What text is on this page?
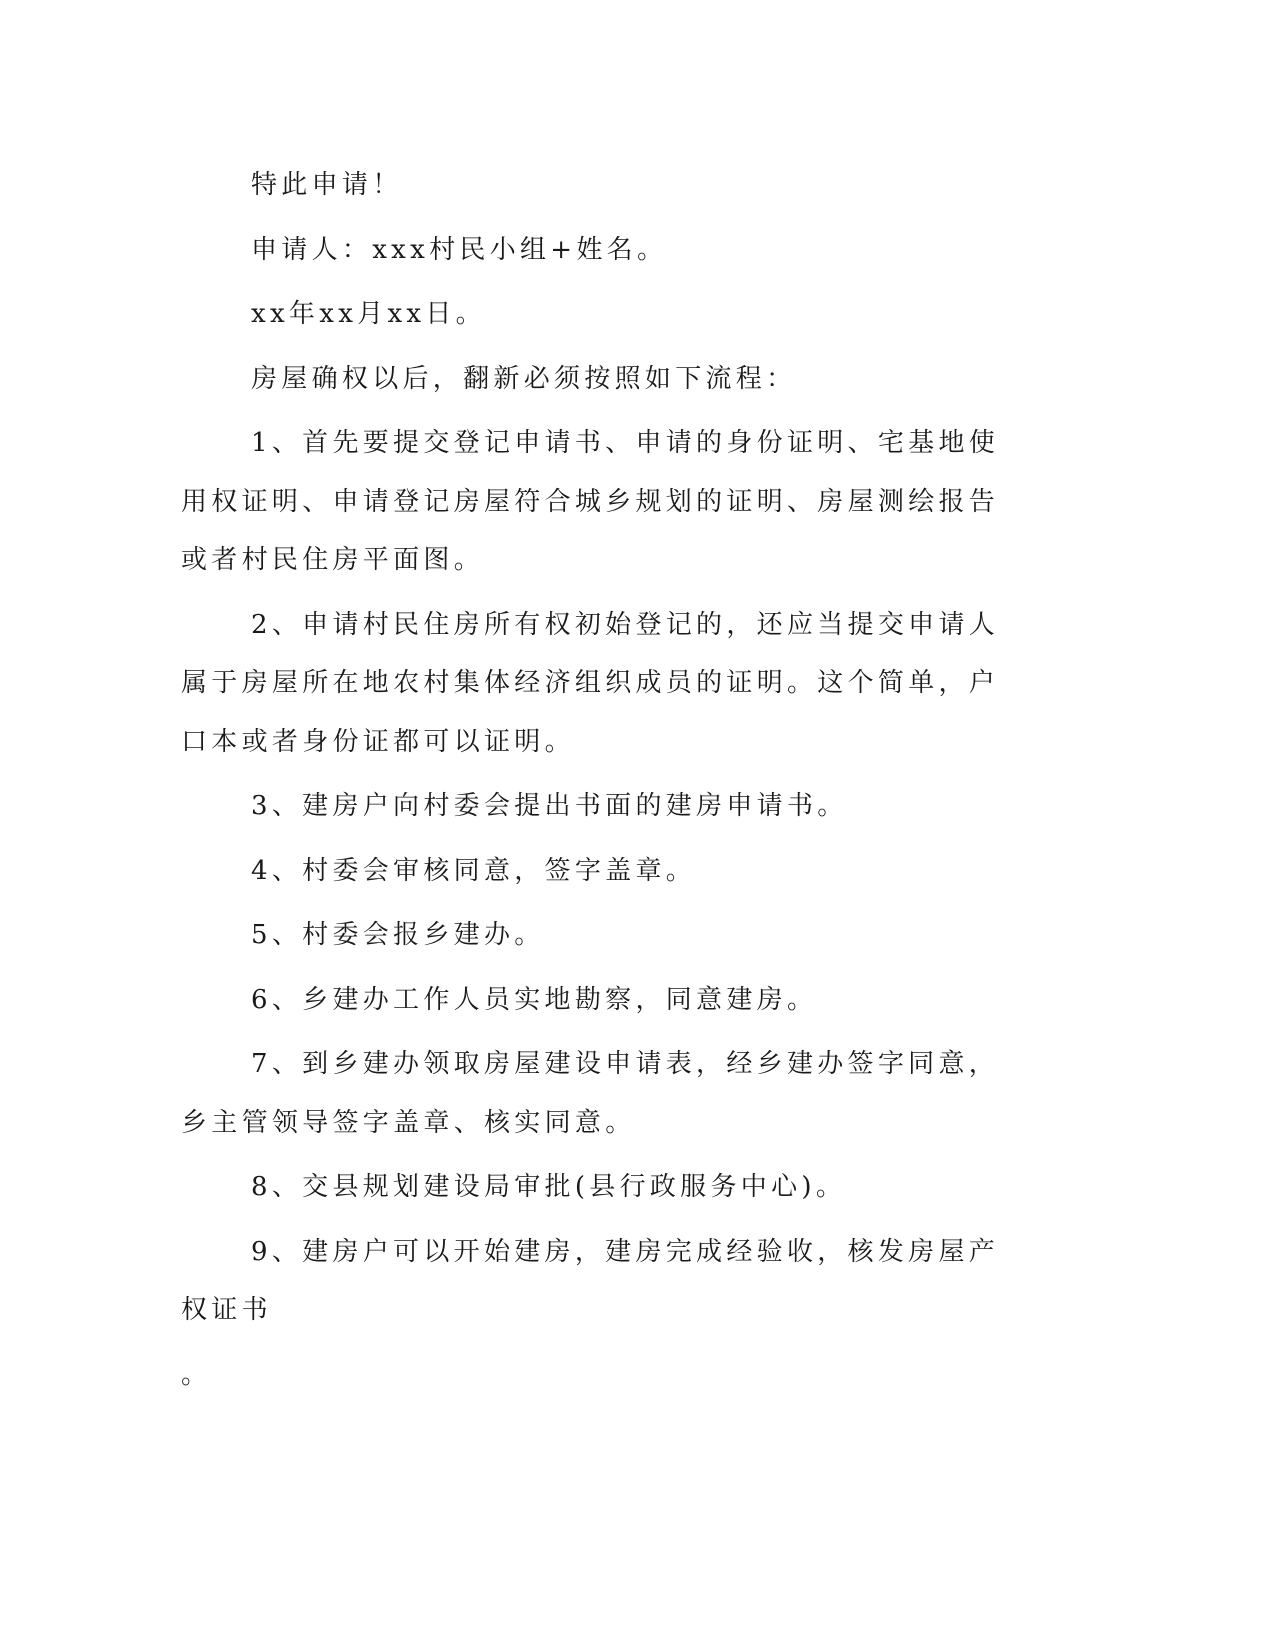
特此申请！

申请人：xxx村民小组+姓名。

xx年xx月xx日。

房屋确权以后，翻新必须按照如下流程：

1、首先要提交登记申请书、申请的身份证明、宅基地使用权证明、申请登记房屋符合城乡规划的证明、房屋测绘报告或者村民住房平面图。

2、申请村民住房所有权初始登记的，还应当提交申请人属于房屋所在地农村集体经济组织成员的证明。这个简单，户口本或者身份证都可以证明。

3、建房户向村委会提出书面的建房申请书。

4、村委会审核同意，签字盖章。

5、村委会报乡建办。

6、乡建办工作人员实地勘察，同意建房。

7、到乡建办领取房屋建设申请表，经乡建办签字同意，乡主管领导签字盖章、核实同意。

8、交县规划建设局审批(县行政服务中心)。

9、建房户可以开始建房，建房完成经验收，核发房屋产权证书

。
